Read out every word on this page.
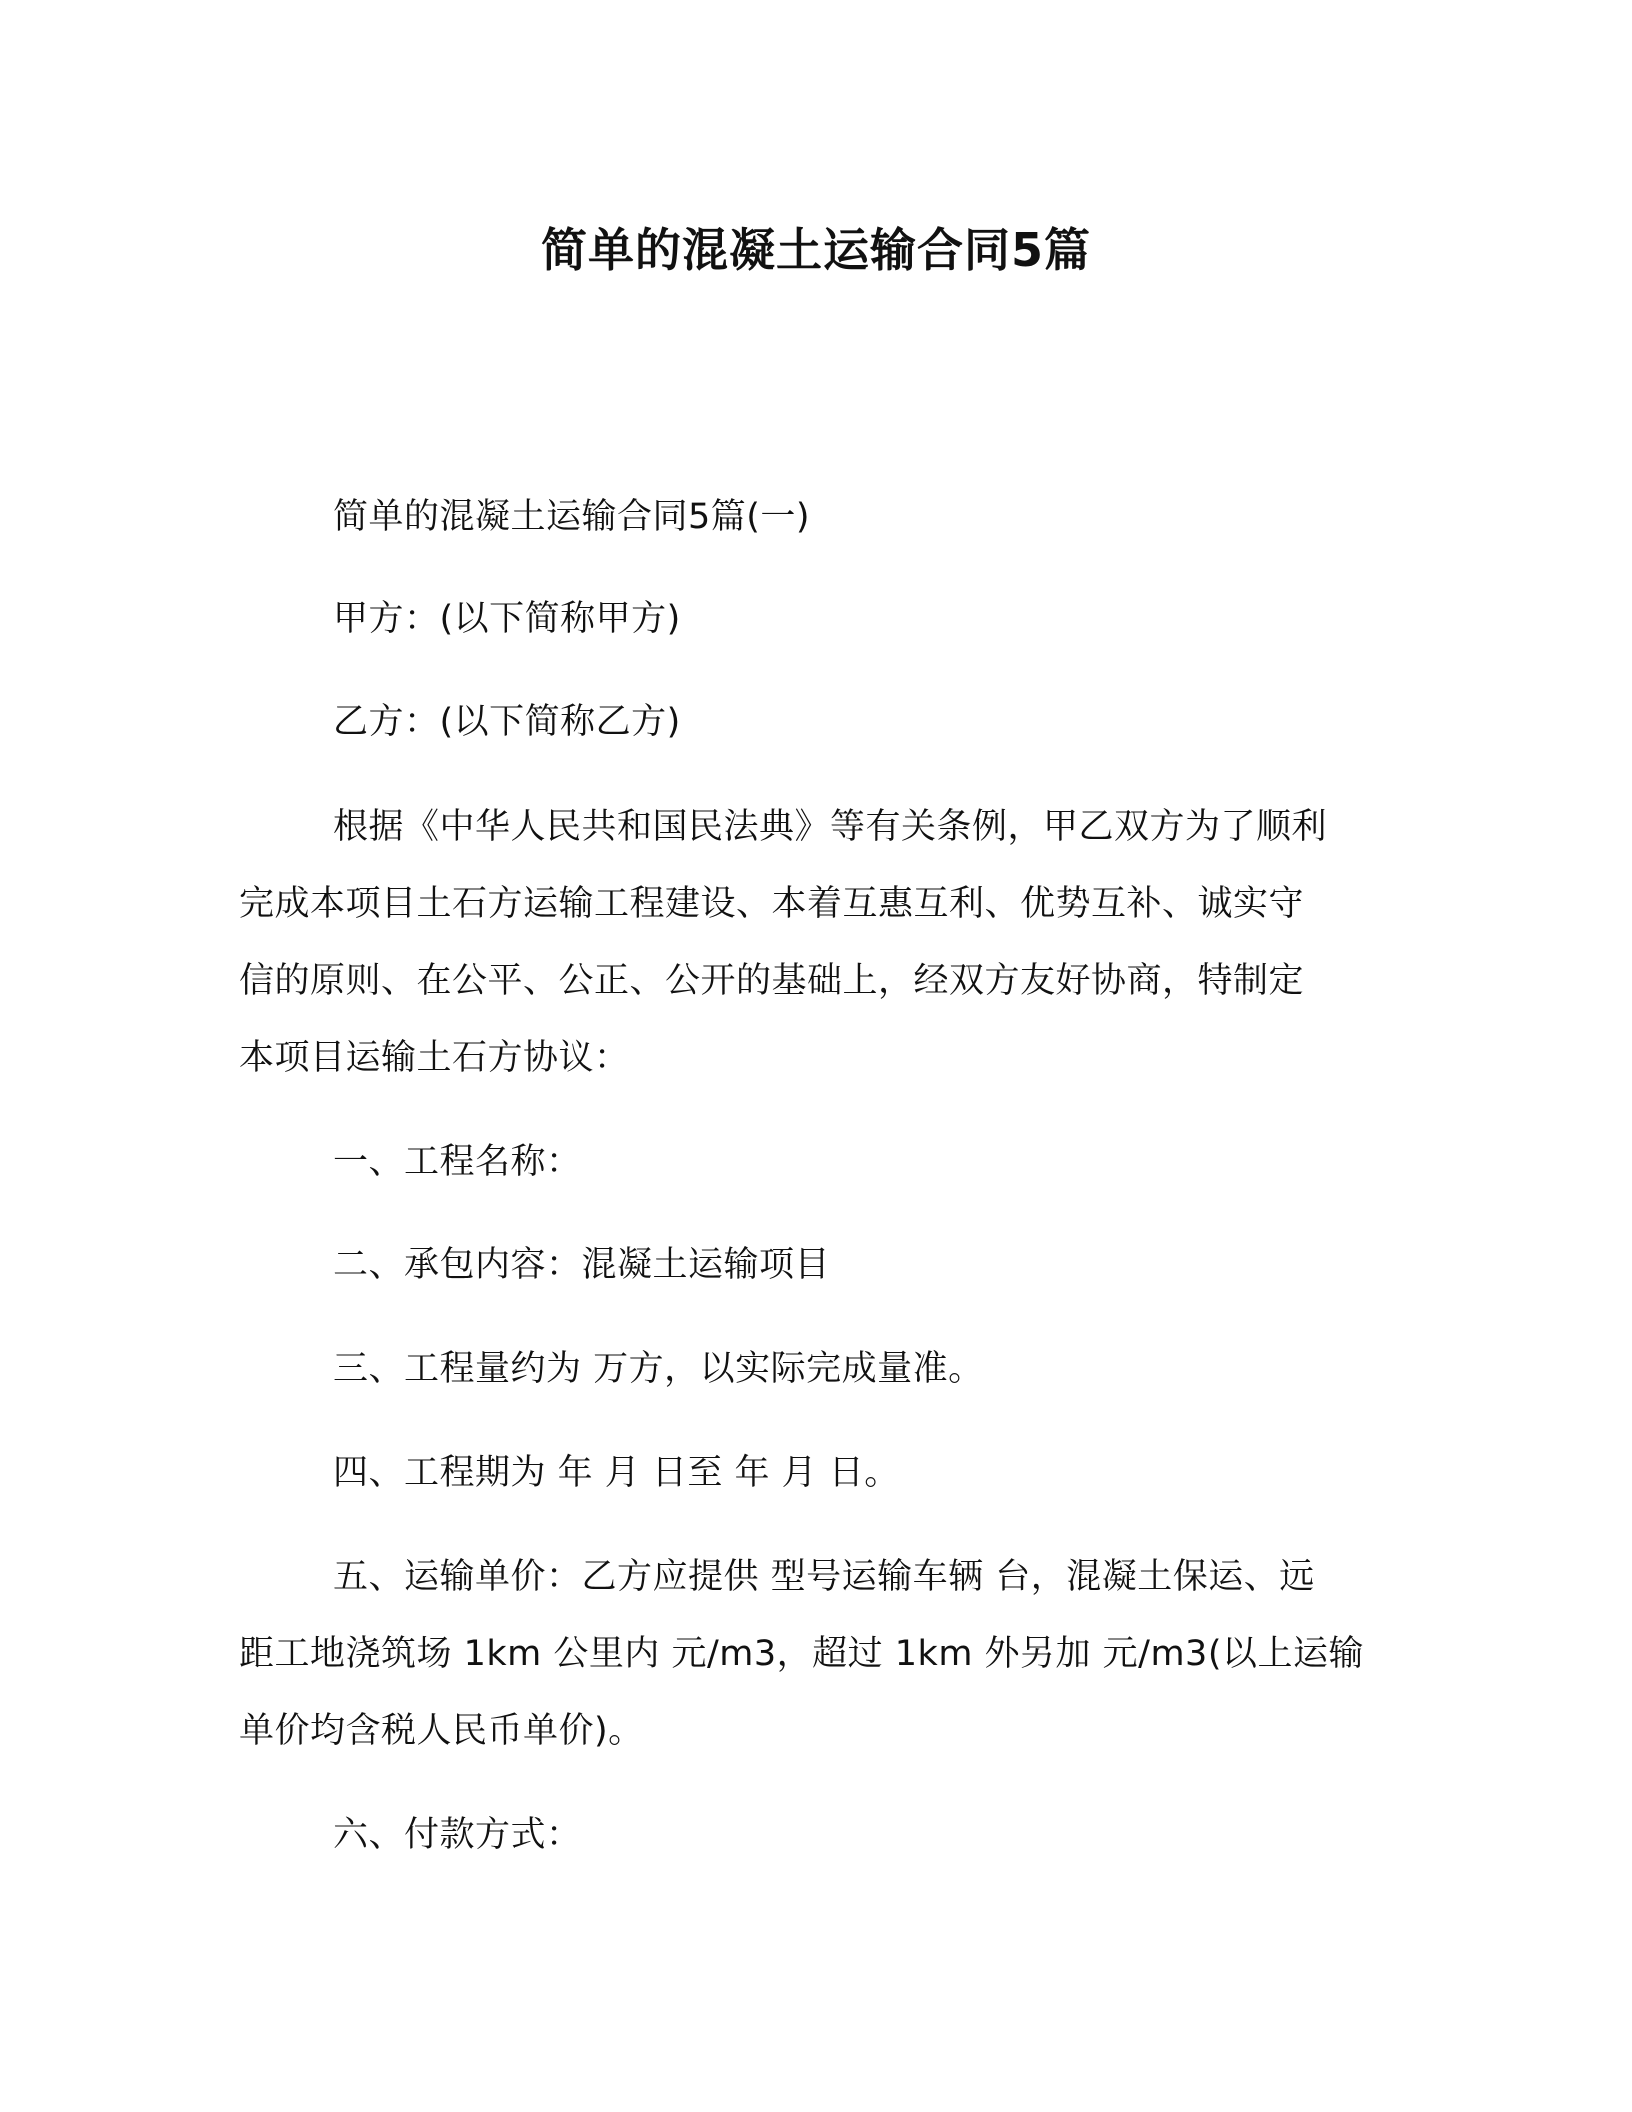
简单的混凝土运输合同5篇
简单的混凝土运输合同5篇(一)
甲方：(以下简称甲方)
乙方：(以下简称乙方)
根据《中华人民共和国民法典》等有关条例，甲乙双方为了顺利
完成本项目土石方运输工程建设、本着互惠互利、优势互补、诚实守
信的原则、在公平、公正、公开的基础上，经双方友好协商，特制定
本项目运输土石方协议：
一、工程名称：
二、承包内容：混凝土运输项目
三、工程量约为 万方，以实际完成量准。
四、工程期为 年 月 日至 年 月 日。
五、运输单价：乙方应提供 型号运输车辆 台，混凝土保运、远
距工地浇筑场 1km 公里内 元/m3，超过 1km 外另加 元/m3(以上运输
单价均含税人民币单价)。
六、付款方式：
